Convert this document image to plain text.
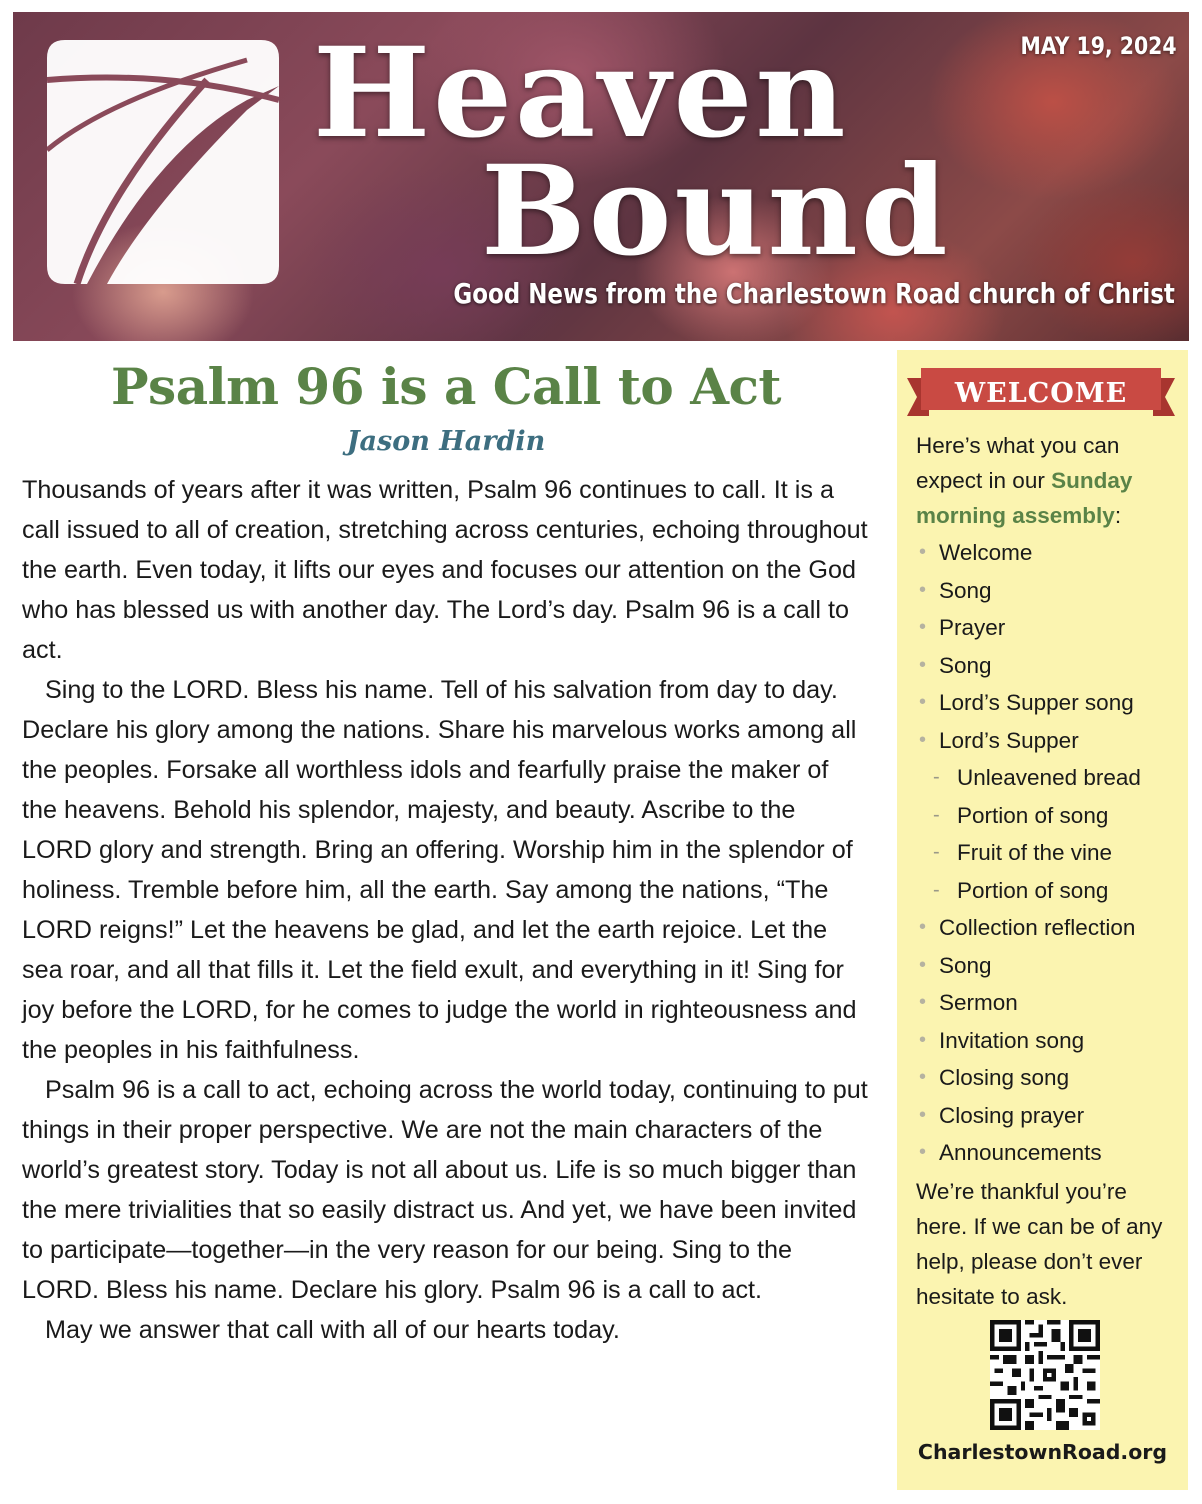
Heaven
Bound
MAY 19, 2024
Good News from the Charlestown Road church of Christ
Psalm 96 is a Call to Act
Jason Hardin

Thousands of years after it was written, Psalm 96 continues to call. It is a call issued to all of creation, stretching across centuries, echoing throughout the earth. Even today, it lifts our eyes and focuses our attention on the God who has blessed us with another day. The Lord’s day. Psalm 96 is a call to act.

Sing to the LORD. Bless his name. Tell of his salvation from day to day. Declare his glory among the nations. Share his marvelous works among all the peoples. Forsake all worthless idols and fearfully praise the maker of the heavens. Behold his splendor, majesty, and beauty. Ascribe to the LORD glory and strength. Bring an offering. Worship him in the splendor of holiness. Tremble before him, all the earth. Say among the nations, “The LORD reigns!” Let the heavens be glad, and let the earth rejoice. Let the sea roar, and all that fills it. Let the field exult, and everything in it! Sing for joy before the LORD, for he comes to judge the world in righteousness and the peoples in his faithfulness.

Psalm 96 is a call to act, echoing across the world today, continuing to put things in their proper perspective. We are not the main characters of the world’s greatest story. Today is not all about us. Life is so much bigger than the mere trivialities that so easily distract us. And yet, we have been invited to participate—together—in the very reason for our being. Sing to the LORD. Bless his name. Declare his glory. Psalm 96 is a call to act.

May we answer that call with all of our hearts today.

WELCOME

Here’s what you can expect in our Sunday morning assembly:

• Welcome
• Song
• Prayer
• Song
• Lord’s Supper song
• Lord’s Supper
- Unleavened bread
- Portion of song
- Fruit of the vine
- Portion of song
• Collection reflection
• Song
• Sermon
• Invitation song
• Closing song
• Closing prayer
• Announcements

We’re thankful you’re here. If we can be of any help, please don’t ever hesitate to ask.

CharlestownRoad.org
